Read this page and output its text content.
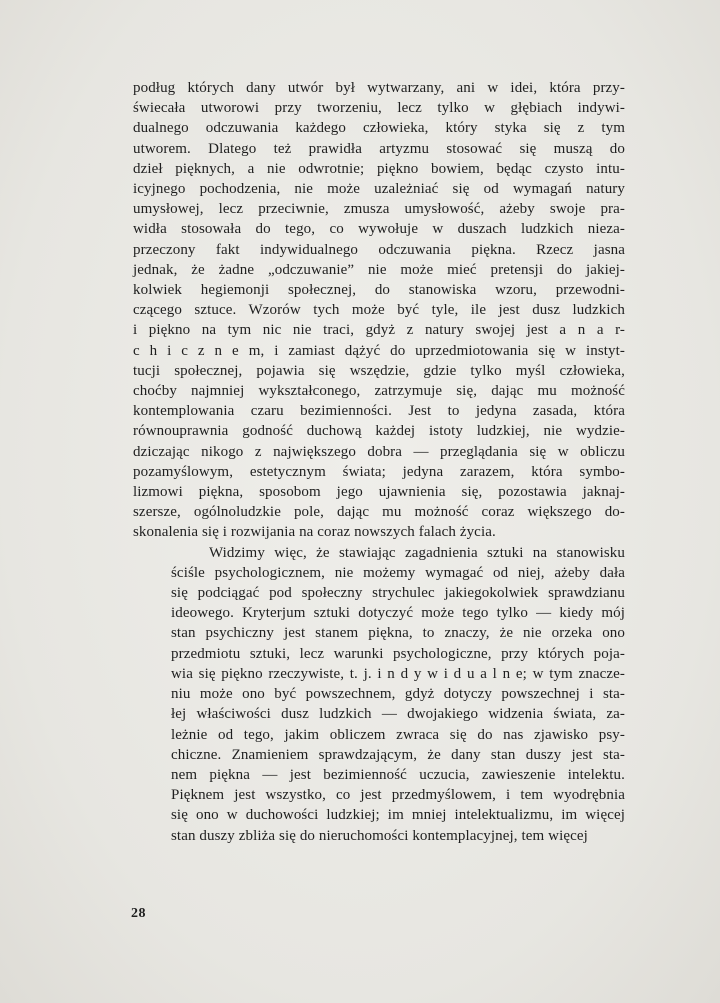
podług których dany utwór był wytwarzany, ani w idei, która przy-
świecała utworowi przy tworzeniu, lecz tylko w głębiach indywi-
dualnego odczuwania każdego człowieka, który styka się z tym
utworem. Dlatego też prawidła artyzmu stosować się muszą do
dzieł pięknych, a nie odwrotnie; piękno bowiem, będąc czysto intu-
icyjnego pochodzenia, nie może uzależniać się od wymagań natury
umysłowej, lecz przeciwnie, zmusza umysłowość, ażeby swoje pra-
widła stosowała do tego, co wywołuje w duszach ludzkich nieza-
przeczony fakt indywidualnego odczuwania piękna. Rzecz jasna
jednak, że żadne „odczuwanie” nie może mieć pretensji do jakiej-
kolwiek hegiemonji społecznej, do stanowiska wzoru, przewodni-
czącego sztuce. Wzorów tych może być tyle, ile jest dusz ludzkich
i piękno na tym nic nie traci, gdyż z natury swojej jest a n a r-
c h i c z n e m, i zamiast dążyć do uprzedmiotowania się w instyt-
tucji społecznej, pojawia się wszędzie, gdzie tylko myśl człowieka,
choćby najmniej wykształconego, zatrzymuje się, dając mu możność
kontemplowania czaru bezimienności. Jest to jedyna zasada, która
równouprawnia godność duchową każdej istoty ludzkiej, nie wydzie-
dziczając nikogo z największego dobra — przeglądania się w obliczu
pozamyślowym, estetycznym świata; jedyna zarazem, która symbo-
lizmowi piękna, sposobom jego ujawnienia się, pozostawia jaknaj-
szersze, ogólnoludzkie pole, dając mu możność coraz większego do-
skonalenia się i rozwijania na coraz nowszych falach życia.
Widzimy więc, że stawiając zagadnienia sztuki na stanowisku
ściśle psychologicznem, nie możemy wymagać od niej, ażeby dała
się podciągać pod społeczny strychulec jakiegokolwiek sprawdzianu
ideowego. Kryterjum sztuki dotyczyć może tego tylko — kiedy mój
stan psychiczny jest stanem piękna, to znaczy, że nie orzeka ono
przedmiotu sztuki, lecz warunki psychologiczne, przy których poja-
wia się piękno rzeczywiste, t. j. i n d y w i d u a l n e; w tym znacze-
niu może ono być powszechnem, gdyż dotyczy powszechnej i sta-
łej właściwości dusz ludzkich — dwojakiego widzenia świata, za-
leżnie od tego, jakim obliczem zwraca się do nas zjawisko psy-
chiczne. Znamieniem sprawdzającym, że dany stan duszy jest sta-
nem piękna — jest bezimienność uczucia, zawieszenie intelektu.
Pięknem jest wszystko, co jest przedmyślowem, i tem wyodrębnia
się ono w duchowości ludzkiej; im mniej intelektualizmu, im więcej
stan duszy zbliża się do nieruchomości kontemplacyjnej, tem więcej
28
